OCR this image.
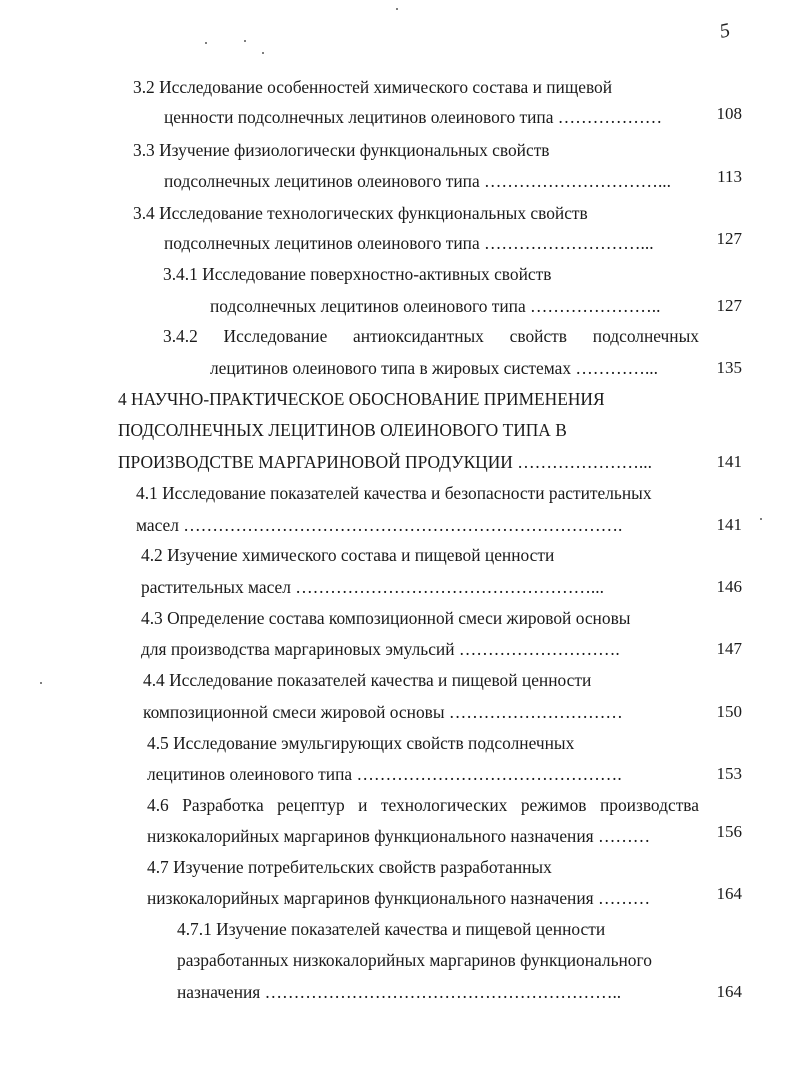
5
3.2 Исследование особенностей химического состава и пищевой
ценности подсолнечных лецитинов олеинового типа ………………	108
3.3 Изучение физиологически функциональных свойств
подсолнечных лецитинов олеинового типа …………………………...	113
3.4 Исследование технологических функциональных свойств
подсолнечных лецитинов олеинового типа ………………………...	127
3.4.1 Исследование поверхностно-активных свойств
подсолнечных лецитинов олеинового типа …………………..	127
3.4.2 Исследование антиоксидантных свойств подсолнечных
лецитинов олеинового типа в жировых системах …………...	135
4 НАУЧНО-ПРАКТИЧЕСКОЕ ОБОСНОВАНИЕ ПРИМЕНЕНИЯ
ПОДСОЛНЕЧНЫХ ЛЕЦИТИНОВ ОЛЕИНОВОГО ТИПА В
ПРОИЗВОДСТВЕ МАРГАРИНОВОЙ ПРОДУКЦИИ …………………...	141
4.1 Исследование показателей качества и безопасности растительных
масел ………………………………………………………………….	141
4.2 Изучение химического состава и пищевой ценности
растительных масел ……………………………………………...	146
4.3 Определение состава композиционной смеси жировой основы
для производства маргариновых эмульсий ……………………….	147
4.4 Исследование показателей качества и пищевой ценности
композиционной смеси жировой основы …………………………	150
4.5 Исследование эмульгирующих свойств подсолнечных
лецитинов олеинового типа ……………………………………….	153
4.6 Разработка рецептур и технологических режимов производства
низкокалорийных маргаринов функционального назначения ………	156
4.7 Изучение потребительских свойств разработанных
низкокалорийных маргаринов функционального назначения ………	164
4.7.1 Изучение показателей качества и пищевой ценности
разработанных низкокалорийных маргаринов функционального
назначения ……………………………………………………..	164
